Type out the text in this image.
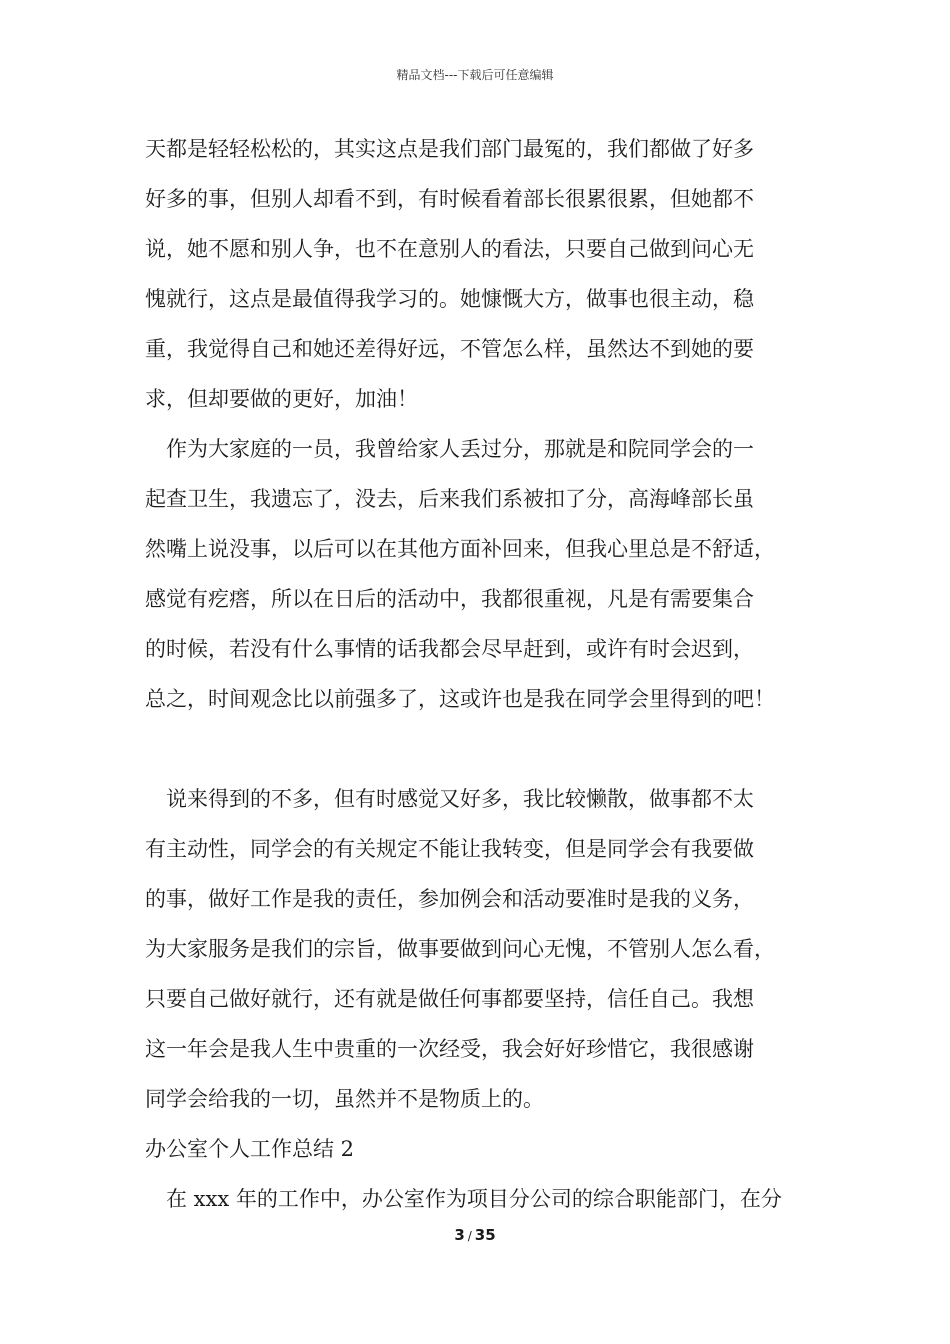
精品文档---下载后可任意编辑
天都是轻轻松松的，其实这点是我们部门最冤的，我们都做了好多
好多的事，但别人却看不到，有时候看着部长很累很累，但她都不
说，她不愿和别人争，也不在意别人的看法，只要自己做到问心无
愧就行，这点是最值得我学习的。她慷慨大方，做事也很主动，稳
重，我觉得自己和她还差得好远，不管怎么样，虽然达不到她的要
求，但却要做的更好，加油！
作为大家庭的一员，我曾给家人丢过分，那就是和院同学会的一
起查卫生，我遗忘了，没去，后来我们系被扣了分，高海峰部长虽
然嘴上说没事，以后可以在其他方面补回来，但我心里总是不舒适，
感觉有疙瘩，所以在日后的活动中，我都很重视，凡是有需要集合
的时候，若没有什么事情的话我都会尽早赶到，或许有时会迟到，
总之，时间观念比以前强多了，这或许也是我在同学会里得到的吧！
说来得到的不多，但有时感觉又好多，我比较懒散，做事都不太
有主动性，同学会的有关规定不能让我转变，但是同学会有我要做
的事，做好工作是我的责任，参加例会和活动要准时是我的义务，
为大家服务是我们的宗旨，做事要做到问心无愧，不管别人怎么看，
只要自己做好就行，还有就是做任何事都要坚持，信任自己。我想
这一年会是我人生中贵重的一次经受，我会好好珍惜它，我很感谢
同学会给我的一切，虽然并不是物质上的。
办公室个人工作总结 2
在 xxx 年的工作中，办公室作为项目分公司的综合职能部门，在分
3 / 35
